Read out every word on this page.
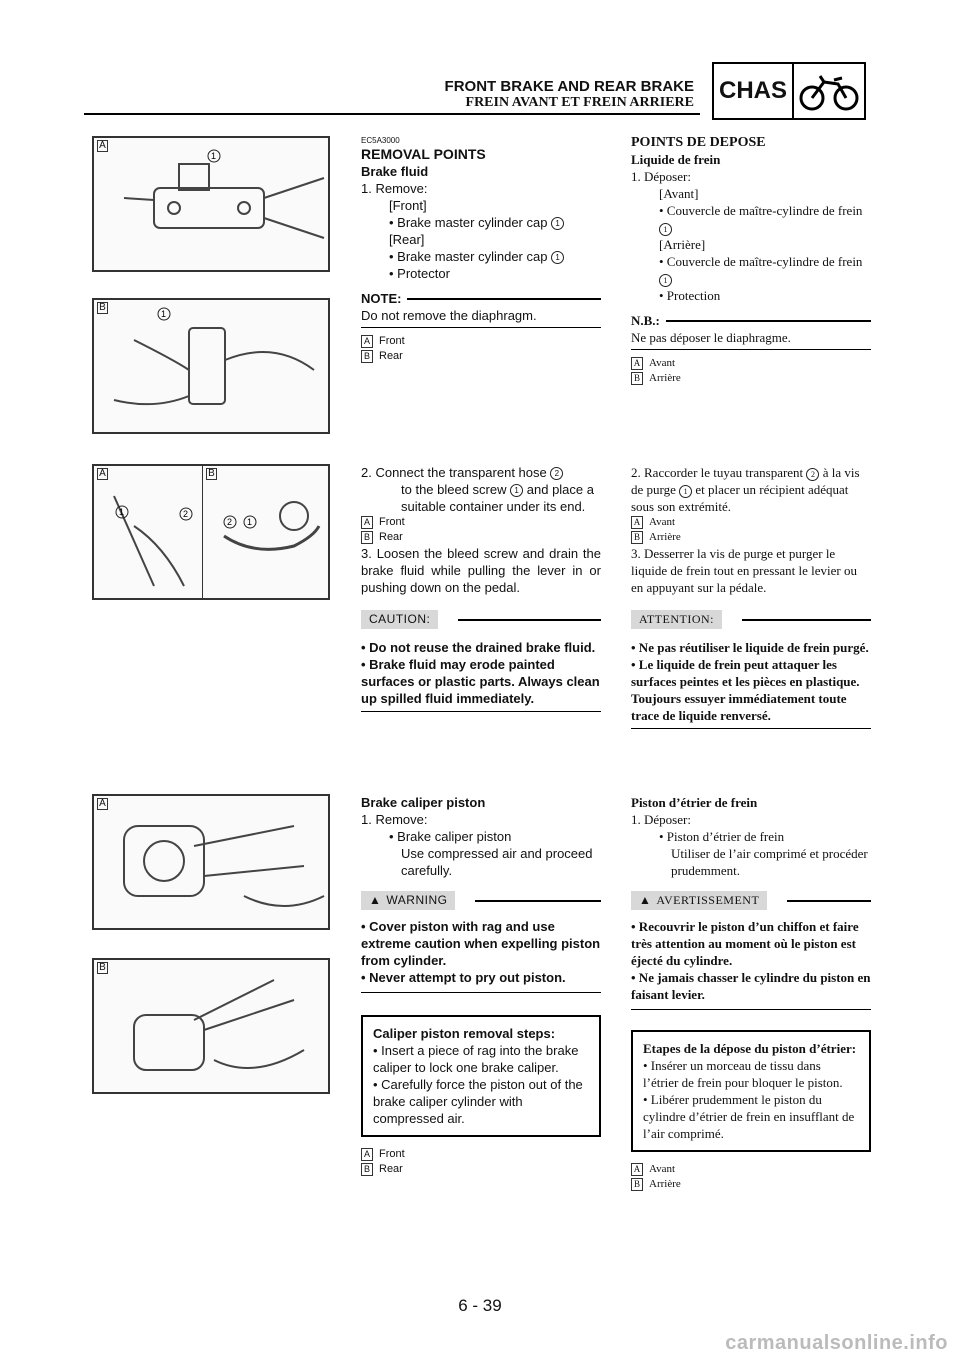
FRONT BRAKE AND REAR BRAKE
FREIN AVANT ET FREIN ARRIERE CHAS
A
1
B
1
A	B
1	2
2 1
A
B
EC5A3000
REMOVAL POINTS
Brake fluid
1. Remove:
[Front]
• Brake master cylinder cap 1
[Rear]
• Brake master cylinder cap 1
• Protector
NOTE:
Do not remove the diaphragm.
A Front
B Rear
2. Connect the transparent hose 2
to the bleed screw 1 and place a suitable container under its end.
A Front
B Rear
3. Loosen the bleed screw and drain the brake fluid while pulling the lever in or pushing down on the pedal.
CAUTION:
• Do not reuse the drained brake fluid.
• Brake fluid may erode painted surfaces or plastic parts. Always clean up spilled fluid immediately.
Brake caliper piston
1. Remove:
• Brake caliper piston
Use compressed air and proceed carefully.
▲ WARNING
• Cover piston with rag and use extreme caution when expelling piston from cylinder.
• Never attempt to pry out piston.
Caliper piston removal steps:
• Insert a piece of rag into the brake caliper to lock one brake caliper.
• Carefully force the piston out of the brake caliper cylinder with compressed air.
A Front
B Rear
POINTS DE DEPOSE
Liquide de frein
1. Déposer:
[Avant]
• Couvercle de maître-cylindre de frein 1
[Arrière]
• Couvercle de maître-cylindre de frein 1
• Protection
N.B.:
Ne pas déposer le diaphragme.
A Avant
B Arrière
2. Raccorder le tuyau transparent 2 à la vis de purge 1 et placer un récipient adéquat sous son extrémité.
A Avant
B Arrière
3. Desserrer la vis de purge et purger le liquide de frein tout en pressant le levier ou en appuyant sur la pédale.
ATTENTION:
• Ne pas réutiliser le liquide de frein purgé.
• Le liquide de frein peut attaquer les surfaces peintes et les pièces en plastique. Toujours essuyer immédiatement toute trace de liquide renversé.
Piston d’étrier de frein
1. Déposer:
• Piston d’étrier de frein
Utiliser de l’air comprimé et procéder prudemment.
▲ AVERTISSEMENT
• Recouvrir le piston d’un chiffon et faire très attention au moment où le piston est éjecté du cylindre.
• Ne jamais chasser le cylindre du piston en faisant levier.
Etapes de la dépose du piston d’étrier:
• Insérer un morceau de tissu dans l’étrier de frein pour bloquer le piston.
• Libérer prudemment le piston du cylindre d’étrier de frein en insufflant de l’air comprimé.
A Avant
B Arrière
6 - 39
carmanualsonline.info
